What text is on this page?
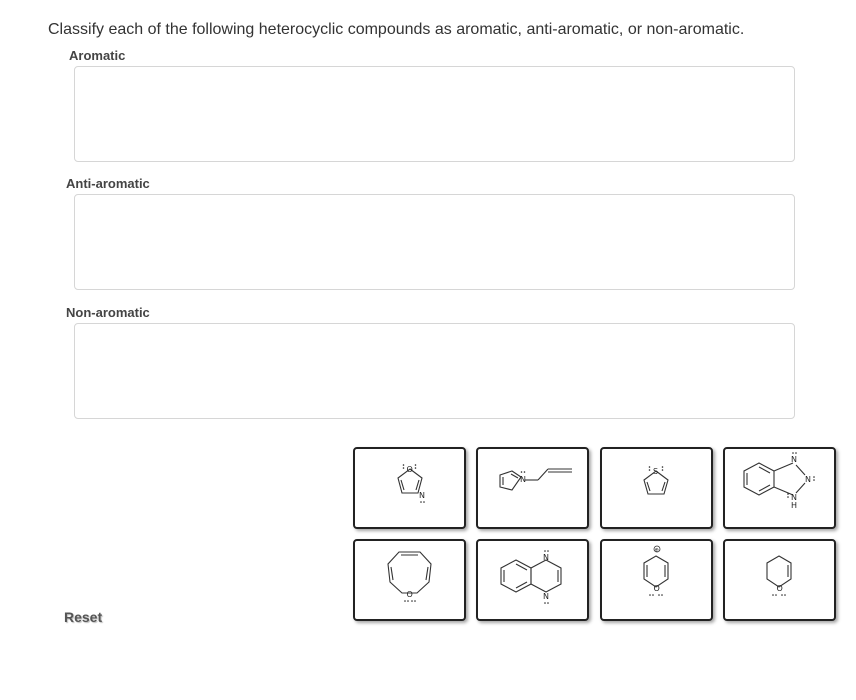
Classify each of the following heterocyclic compounds as aromatic, anti-aromatic, or non-aromatic.
Aromatic
Anti-aromatic
Non-aromatic
O
N
N
S
N
N
N
H
O
N
N
⊕
O	O
Reset
